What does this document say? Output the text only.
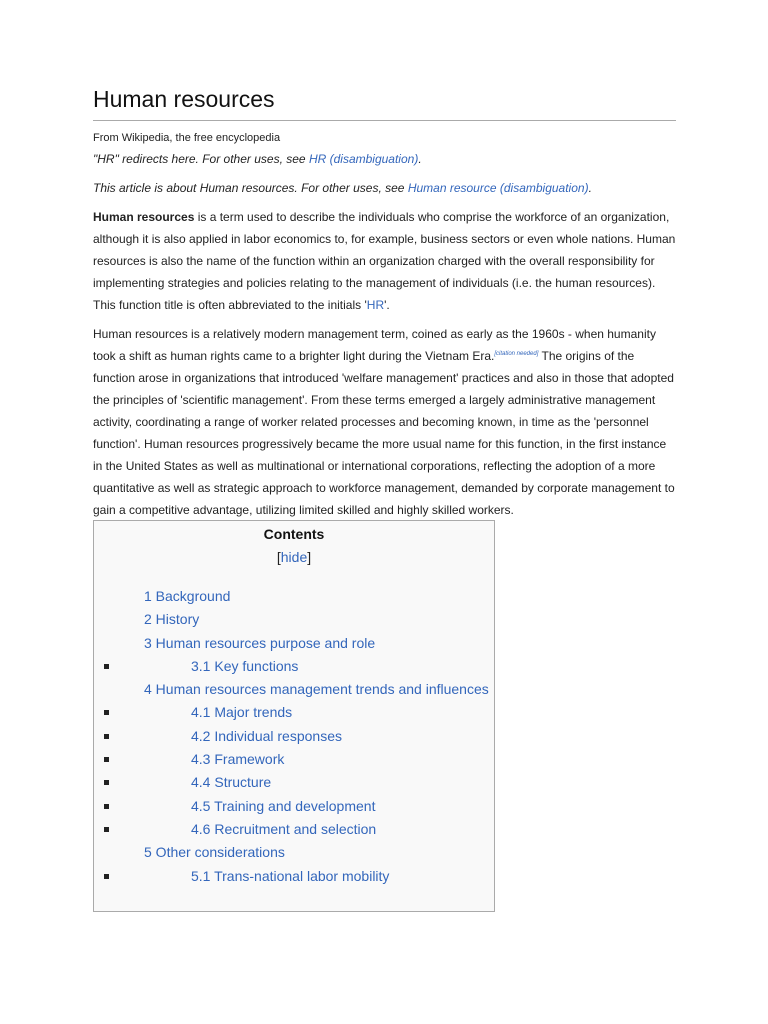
Human resources
From Wikipedia, the free encyclopedia
"HR" redirects here. For other uses, see HR (disambiguation).
This article is about Human resources. For other uses, see Human resource (disambiguation).

Human resources is a term used to describe the individuals who comprise the workforce of an organization, although it is also applied in labor economics to, for example, business sectors or even whole nations. Human resources is also the name of the function within an organization charged with the overall responsibility for implementing strategies and policies relating to the management of individuals (i.e. the human resources). This function title is often abbreviated to the initials 'HR'.

Human resources is a relatively modern management term, coined as early as the 1960s - when humanity took a shift as human rights came to a brighter light during the Vietnam Era.[citation needed] The origins of the function arose in organizations that introduced 'welfare management' practices and also in those that adopted the principles of 'scientific management'. From these terms emerged a largely administrative management activity, coordinating a range of worker related processes and becoming known, in time as the 'personnel function'. Human resources progressively became the more usual name for this function, in the first instance in the United States as well as multinational or international corporations, reflecting the adoption of a more quantitative as well as strategic approach to workforce management, demanded by corporate management to gain a competitive advantage, utilizing limited skilled and highly skilled workers.

Contents
[hide]
1 Background
2 History
3 Human resources purpose and role
3.1 Key functions
4 Human resources management trends and influences
4.1 Major trends
4.2 Individual responses
4.3 Framework
4.4 Structure
4.5 Training and development
4.6 Recruitment and selection
5 Other considerations
5.1 Trans-national labor mobility
